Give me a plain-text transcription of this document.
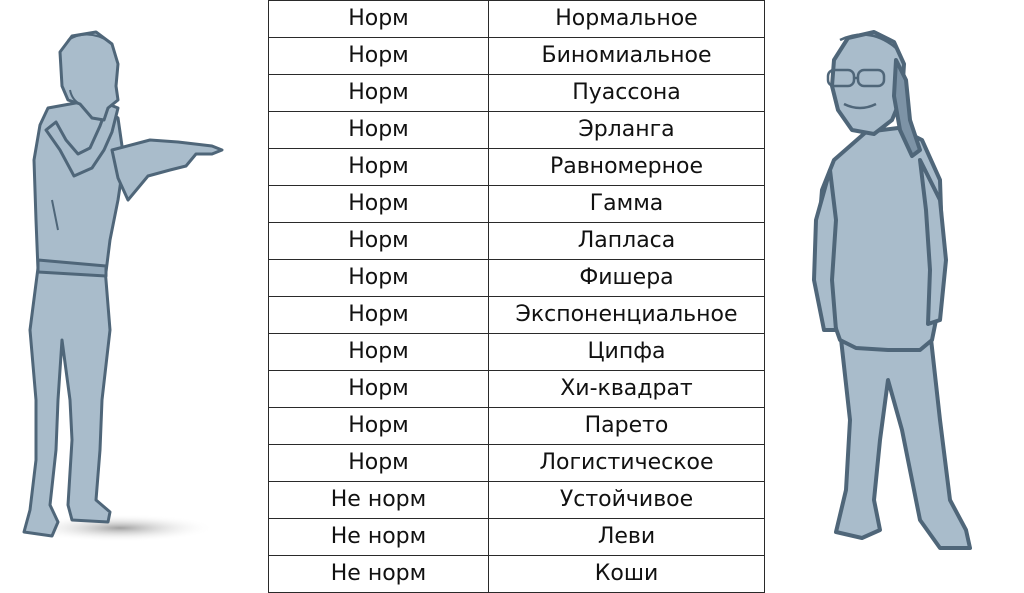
Норм	Нормальное
Норм	Биномиальное
Норм	Пуассона
Норм	Эрланга
Норм	Равномерное
Норм	Гамма
Норм	Лапласа
Норм	Фишера
Норм	Экспоненциальное
Норм	Ципфа
Норм	Хи-квадрат
Норм	Парето
Норм	Логистическое
Не норм	Устойчивое
Не норм	Леви
Не норм	Коши
